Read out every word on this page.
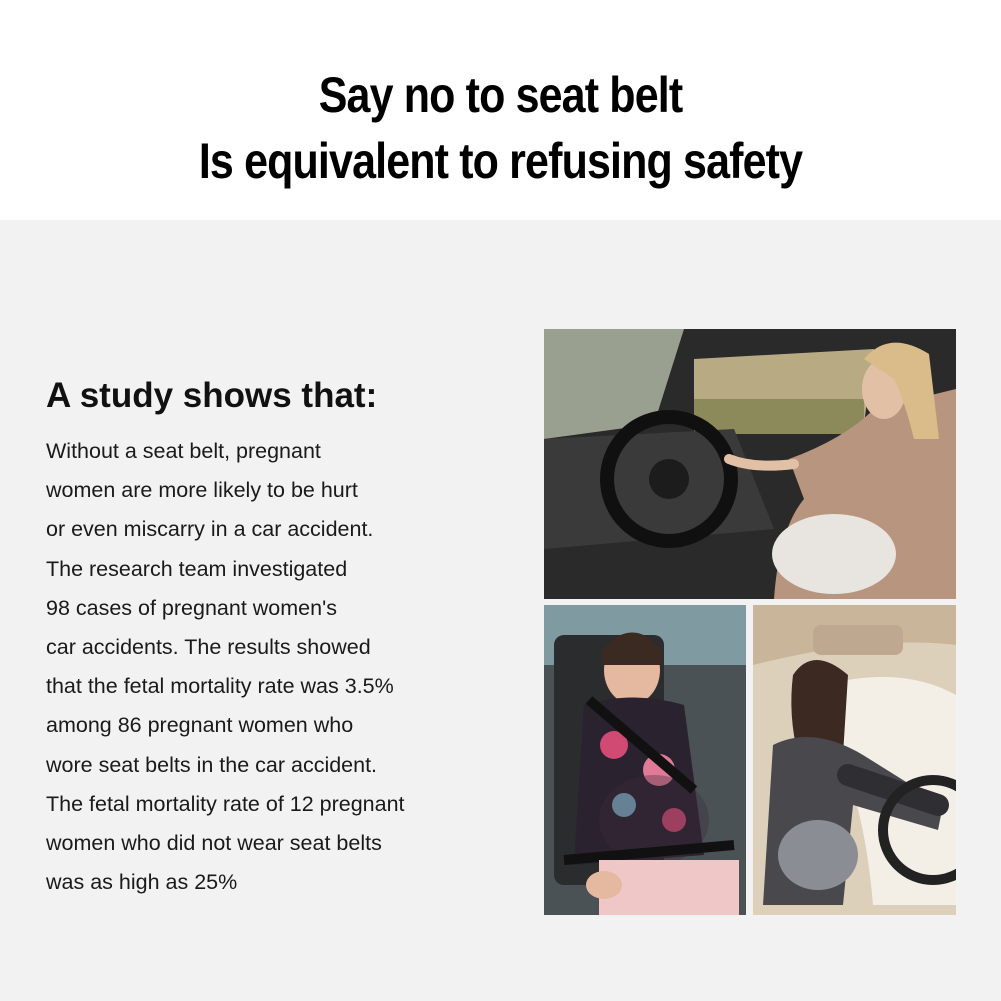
Say no to seat belt
Is equivalent to refusing safety
A study shows that:
Without a seat belt, pregnant
women are more likely to be hurt
or even miscarry in a car accident.
The research team investigated
98 cases of pregnant women's
car accidents. The results showed
that the fetal mortality rate was 3.5%
among 86 pregnant women who
wore seat belts in the car accident.
The fetal mortality rate of 12 pregnant
women who did not wear seat belts
was as high as 25%
